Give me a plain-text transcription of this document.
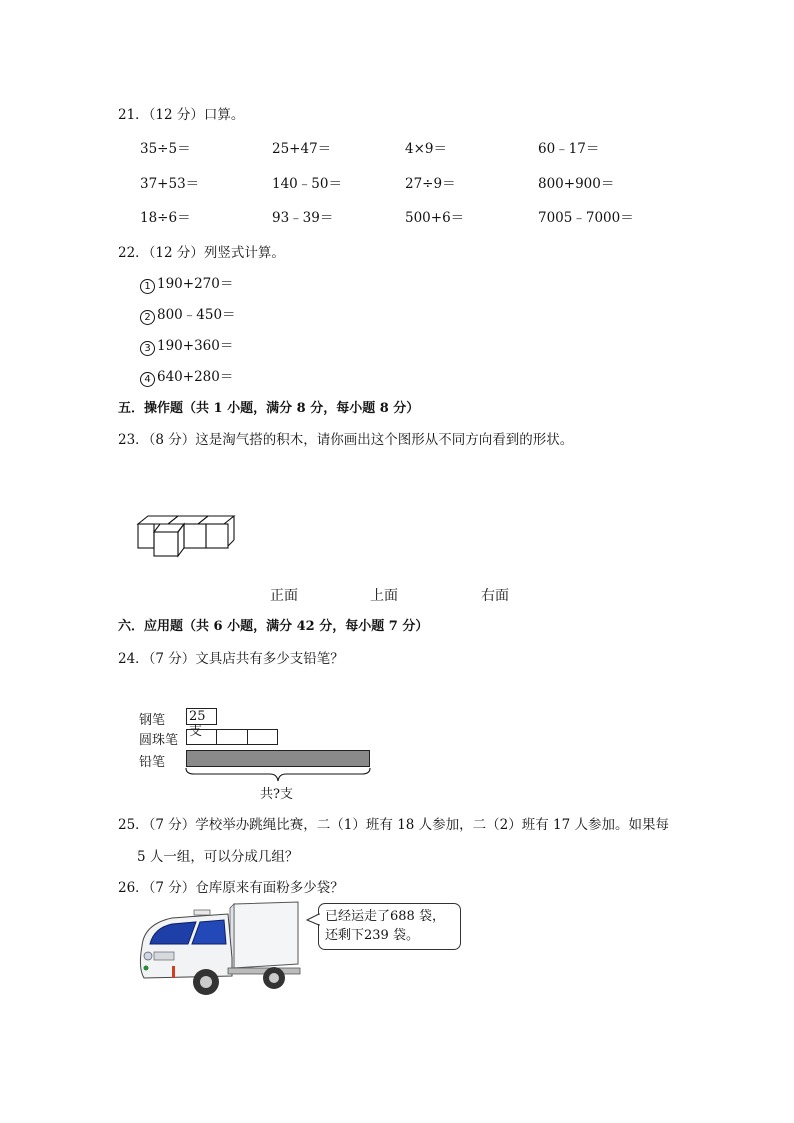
21．（12 分）口算。
35÷5＝	25+47＝	4×9＝	60﹣17＝
37+53＝	140﹣50＝	27÷9＝	800+900＝
18÷6＝	93﹣39＝	500+6＝	7005﹣7000＝
22．（12 分）列竖式计算。
1 190+270＝
2 800﹣450＝
3 190+360＝
4 640+280＝
五．操作题（共 1 小题，满分 8 分，每小题 8 分）
23．（8 分）这是淘气搭的积木，请你画出这个图形从不同方向看到的形状。
正面	上面	右面
六．应用题（共 6 小题，满分 42 分，每小题 7 分）
24．（7 分）文具店共有多少支铅笔？
钢笔
圆珠笔
铅笔
25支
共?支
25．（7 分）学校举办跳绳比赛，二（1）班有 18 人参加，二（2）班有 17 人参加。如果每
5 人一组，可以分成几组？
26．（7 分）仓库原来有面粉多少袋？
已经运走了688 袋，
还剩下239 袋。
